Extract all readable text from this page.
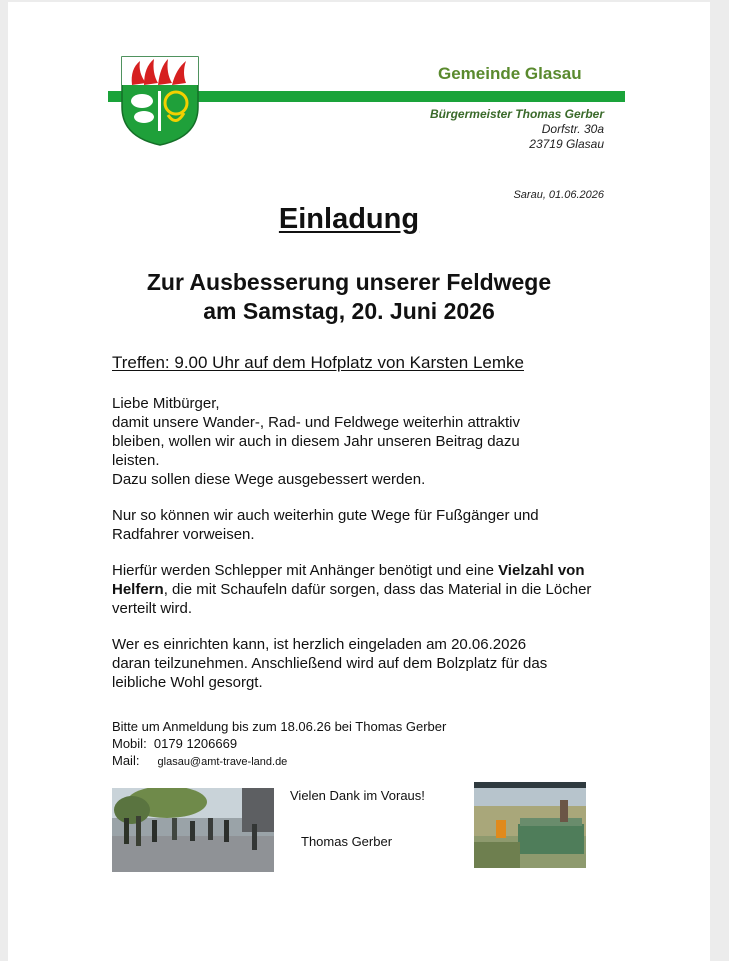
Gemeinde Glasau
Bürgermeister Thomas Gerber
Dorfstr. 30a
23719 Glasau
Sarau, 01.06.2026
Einladung
Zur Ausbesserung unserer Feldwege
am Samstag, 20. Juni 2026
Treffen: 9.00 Uhr auf dem Hofplatz von Karsten Lemke

Liebe Mitbürger,
damit unsere Wander-, Rad- und Feldwege weiterhin attraktiv
bleiben, wollen wir auch in diesem Jahr unseren Beitrag dazu
leisten.
Dazu sollen diese Wege ausgebessert werden.

Nur so können wir auch weiterhin gute Wege für Fußgänger und
Radfahrer vorweisen.

Hierfür werden Schlepper mit Anhänger benötigt und eine Vielzahl von Helfern, die mit Schaufeln dafür sorgen, dass das Material in die Löcher verteilt wird.

Wer es einrichten kann, ist herzlich eingeladen am 20.06.2026
daran teilzunehmen. Anschließend wird auf dem Bolzplatz für das
leibliche Wohl gesorgt.

Bitte um Anmeldung bis zum 18.06.26 bei Thomas Gerber
Mobil: 0179 1206669
Mail: glasau@amt-trave-land.de
Vielen Dank im Voraus!
Thomas Gerber
